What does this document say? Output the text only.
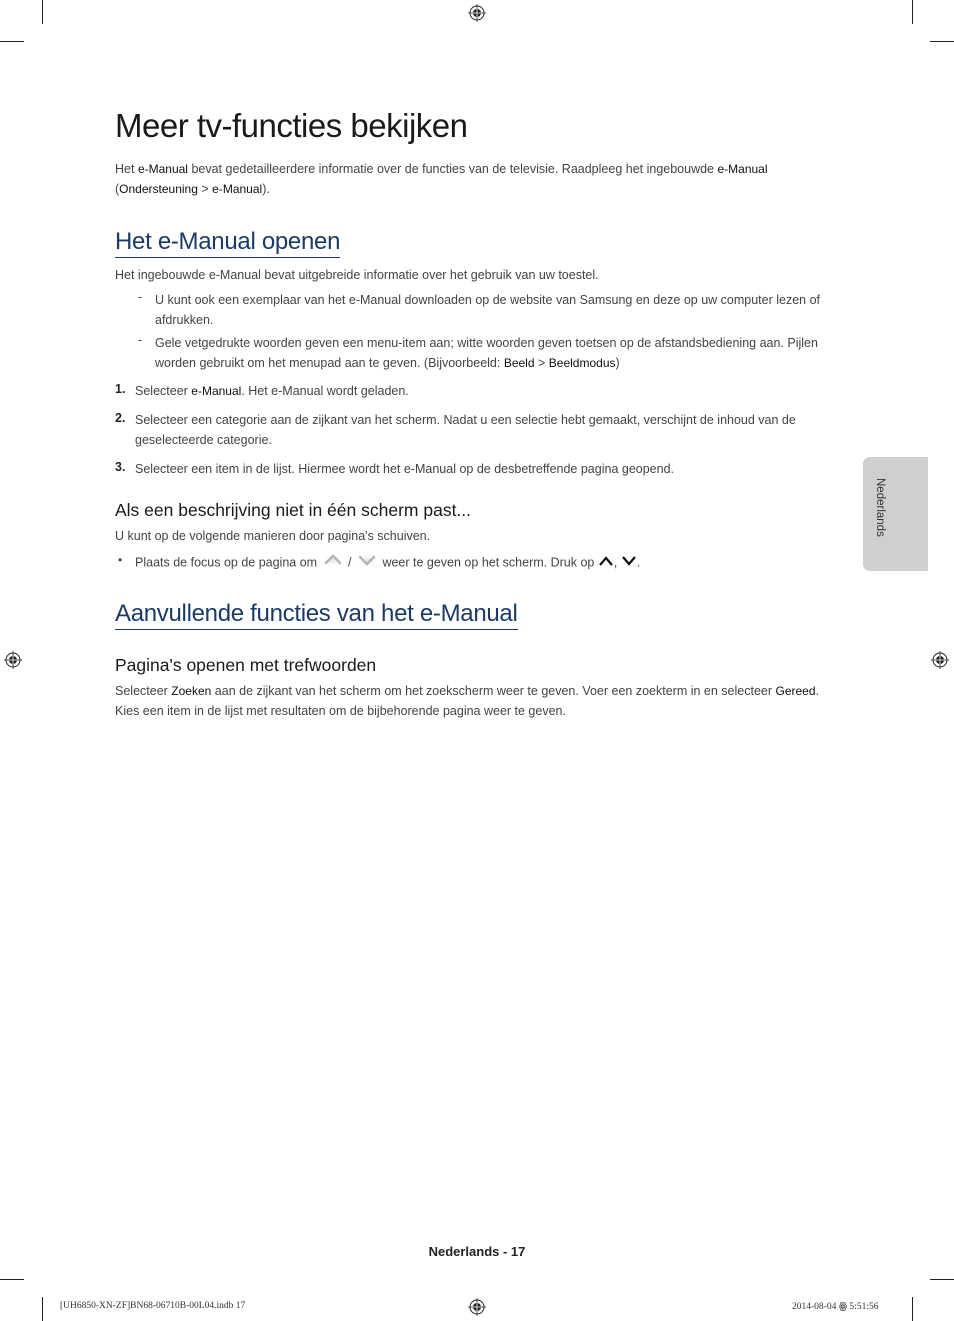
Meer tv-functies bekijken
Het e-Manual bevat gedetailleerdere informatie over de functies van de televisie. Raadpleeg het ingebouwde e-Manual
(Ondersteuning > e-Manual).
Het e-Manual openen
Het ingebouwde e-Manual bevat uitgebreide informatie over het gebruik van uw toestel.
- U kunt ook een exemplaar van het e-Manual downloaden op de website van Samsung en deze op uw computer lezen of afdrukken.
- Gele vetgedrukte woorden geven een menu-item aan; witte woorden geven toetsen op de afstandsbediening aan. Pijlen worden gebruikt om het menupad aan te geven. (Bijvoorbeeld: Beeld > Beeldmodus)
1. Selecteer e-Manual. Het e-Manual wordt geladen.
2. Selecteer een categorie aan de zijkant van het scherm. Nadat u een selectie hebt gemaakt, verschijnt de inhoud van de geselecteerde categorie.
3. Selecteer een item in de lijst. Hiermee wordt het e-Manual op de desbetreffende pagina geopend.
Als een beschrijving niet in één scherm past...
U kunt op de volgende manieren door pagina's schuiven.
• Plaats de focus op de pagina om  /  weer te geven op het scherm. Druk op , .
Aanvullende functies van het e-Manual
Pagina's openen met trefwoorden
Selecteer Zoeken aan de zijkant van het scherm om het zoekscherm weer te geven. Voer een zoekterm in en selecteer Gereed.
Kies een item in de lijst met resultaten om de bijbehorende pagina weer te geven.
Nederlands
Nederlands - 17
[UH6850-XN-ZF]BN68-06710B-00L04.indb 17	2014-08-04 ꙮ 5:51:56
